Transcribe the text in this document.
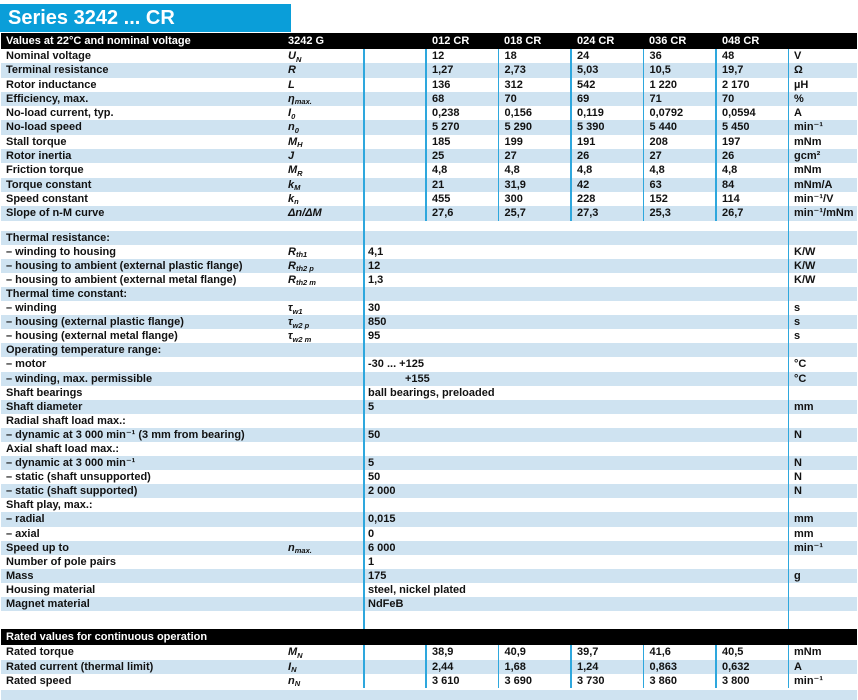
Series 3242 ... CR
Values at 22°C and nominal voltage	3242 G	012 CR	018 CR	024 CR	036 CR	048 CR
Nominal voltage	$U_N$	12	18	24	36	48	V
Terminal resistance	R	1,27	2,73	5,03	10,5	19,7	Ω
Rotor inductance	L	136	312	542	1 220	2 170	µH
Efficiency, max.	$\eta_{max.}$	68	70	69	71	70	%
No-load current, typ.	$I_0$	0,238	0,156	0,119	0,0792	0,0594	A
No-load speed	$n_0$	5 270	5 290	5 390	5 440	5 450	min⁻¹
Stall torque	$M_H$	185	199	191	208	197	mNm
Rotor inertia	J	25	27	26	27	26	gcm²
Friction torque	$M_R$	4,8	4,8	4,8	4,8	4,8	mNm
Torque constant	$k_M$	21	31,9	42	63	84	mNm/A
Speed constant	$k_n$	455	300	228	152	114	min⁻¹/V
Slope of n-M curve	Δn/ΔM	27,6	25,7	27,3	25,3	26,7	min⁻¹/mNm
Thermal resistance:
– winding to housing	$R_{th1}$	4,1	K/W
– housing to ambient (external plastic flange)	$R_{th2 p}$	12	K/W
– housing to ambient (external metal flange)	$R_{th2 m}$	1,3	K/W
Thermal time constant:
– winding	$\tau_{w1}$	30	s
– housing (external plastic flange)	$\tau_{w2 p}$	850	s
– housing (external metal flange)	$\tau_{w2 m}$	95	s
Operating temperature range:
– motor	-30 ... +125	°C
– winding, max. permissible	+155	°C
Shaft bearings	ball bearings, preloaded
Shaft diameter	5	mm
Radial shaft load max.:
– dynamic at 3 000 min⁻¹ (3 mm from bearing)	50	N
Axial shaft load max.:
– dynamic at 3 000 min⁻¹	5	N
– static (shaft unsupported)	50	N
– static (shaft supported)	2 000	N
Shaft play, max.:
– radial	0,015	mm
– axial	0	mm
Speed up to	$n_{max.}$	6 000	min⁻¹
Number of pole pairs	1
Mass	175	g
Housing material	steel, nickel plated
Magnet material	NdFeB
Rated values for continuous operation
Rated torque	$M_N$	38,9	40,9	39,7	41,6	40,5	mNm
Rated current (thermal limit)	$I_N$	2,44	1,68	1,24	0,863	0,632	A
Rated speed	$n_N$	3 610	3 690	3 730	3 860	3 800	min⁻¹
